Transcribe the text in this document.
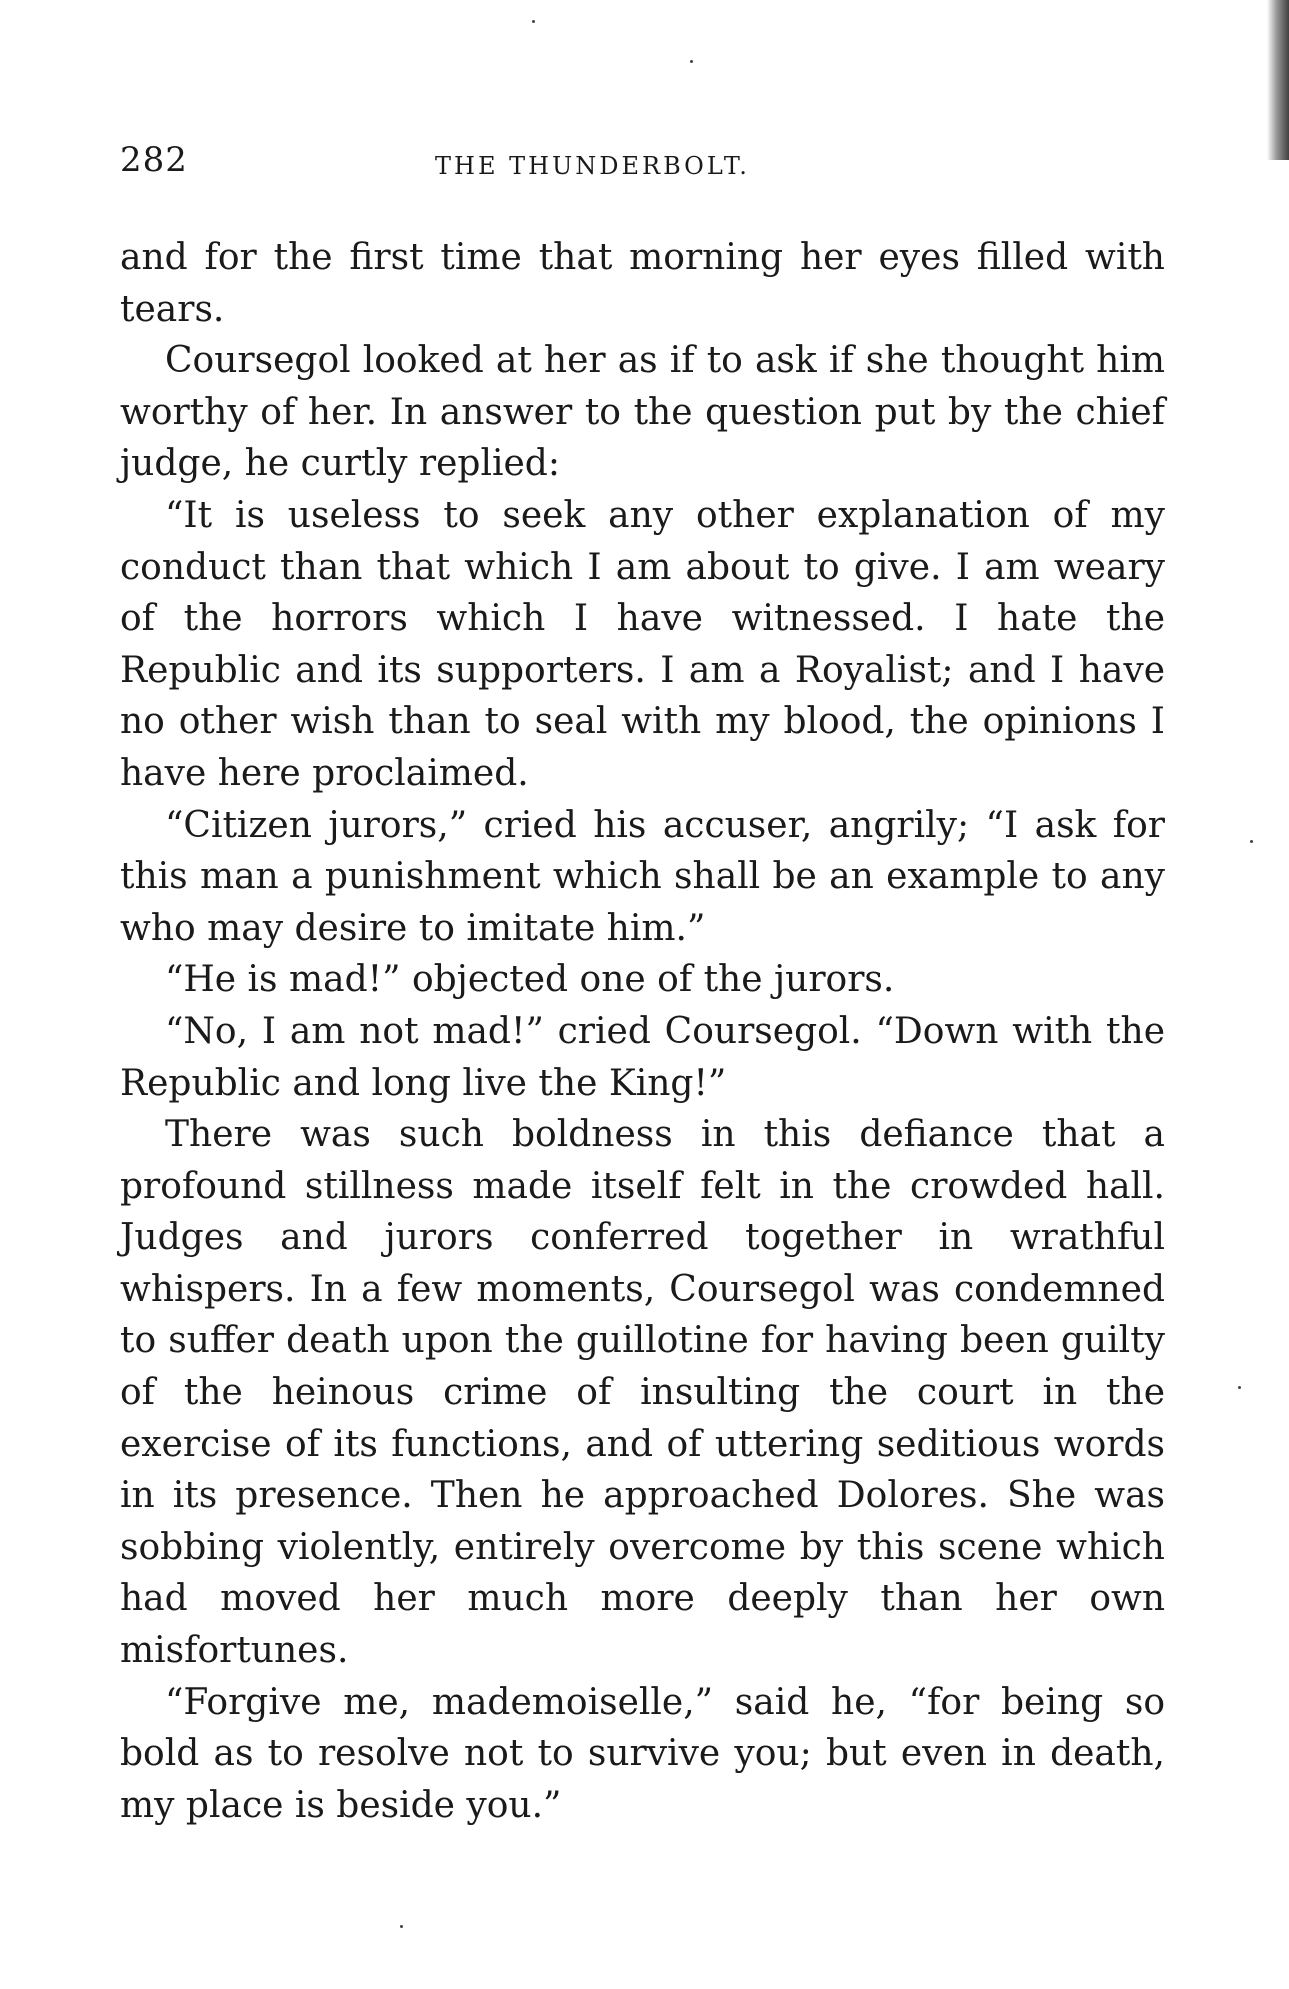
282	THE THUNDERBOLT.

and for the first time that morning her eyes filled with tears.

Coursegol looked at her as if to ask if she thought him worthy of her. In answer to the question put by the chief judge, he curtly replied:

“It is useless to seek any other explanation of my conduct than that which I am about to give. I am weary of the horrors which I have witnessed. I hate the Republic and its supporters. I am a Royalist; and I have no other wish than to seal with my blood, the opinions I have here proclaimed.

“Citizen jurors,” cried his accuser, angrily; “I ask for this man a punishment which shall be an example to any who may desire to imitate him.”

“He is mad!” objected one of the jurors.

“No, I am not mad!” cried Coursegol. “Down with the Republic and long live the King!”

There was such boldness in this defiance that a profound stillness made itself felt in the crowded hall. Judges and jurors conferred together in wrathful whispers. In a few moments, Coursegol was condemned to suffer death upon the guillotine for having been guilty of the heinous crime of insulting the court in the exercise of its functions, and of uttering seditious words in its presence. Then he approached Dolores. She was sobbing violently, entirely overcome by this scene which had moved her much more deeply than her own misfortunes.

“Forgive me, mademoiselle,” said he, “for being so bold as to resolve not to survive you; but even in death, my place is beside you.”
